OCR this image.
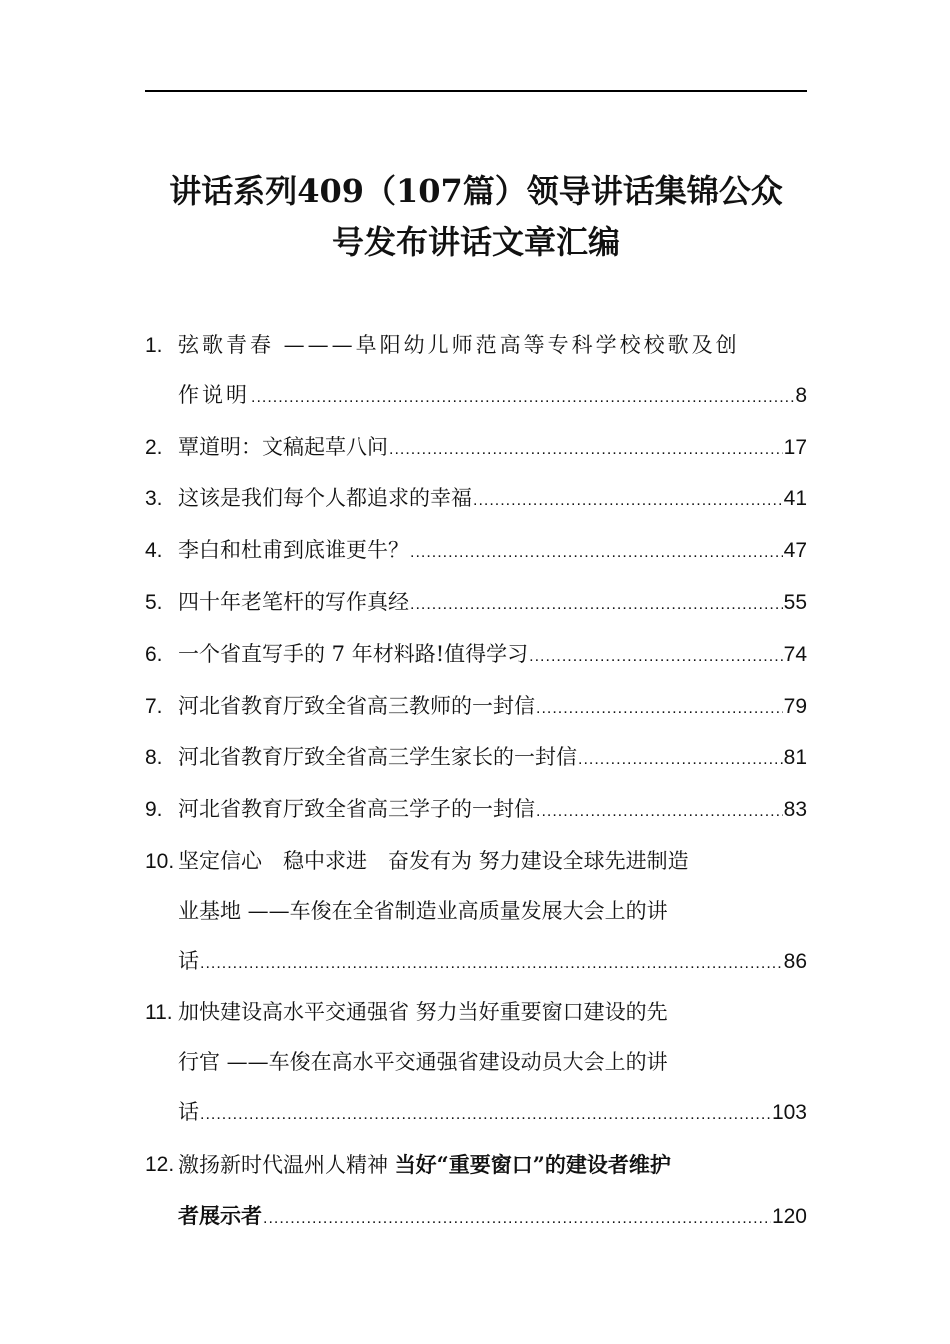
讲话系列409（107篇）领导讲话集锦公众
号发布讲话文章汇编
1. 弦歌青春 ———阜阳幼儿师范高等专科学校校歌及创
作说明 .....	8
2. 覃道明：文稿起草八问 .....	17
3. 这该是我们每个人都追求的幸福 .....	41
4. 李白和杜甫到底谁更牛？ .....	47
5. 四十年老笔杆的写作真经 .....	55
6. 一个省直写手的 7 年材料路!值得学习 .....	74
7. 河北省教育厅致全省高三教师的一封信 .....	79
8. 河北省教育厅致全省高三学生家长的一封信 .....	81
9. 河北省教育厅致全省高三学子的一封信 .....	83
10. 坚定信心　稳中求进　奋发有为 努力建设全球先进制造
业基地 ——车俊在全省制造业高质量发展大会上的讲
话 .....	86
11. 加快建设高水平交通强省 努力当好重要窗口建设的先
行官 ——车俊在高水平交通强省建设动员大会上的讲
话 .....	103
12. 激扬新时代温州人精神 当好“重要窗口”的建设者维护
者展示者 .....	120
